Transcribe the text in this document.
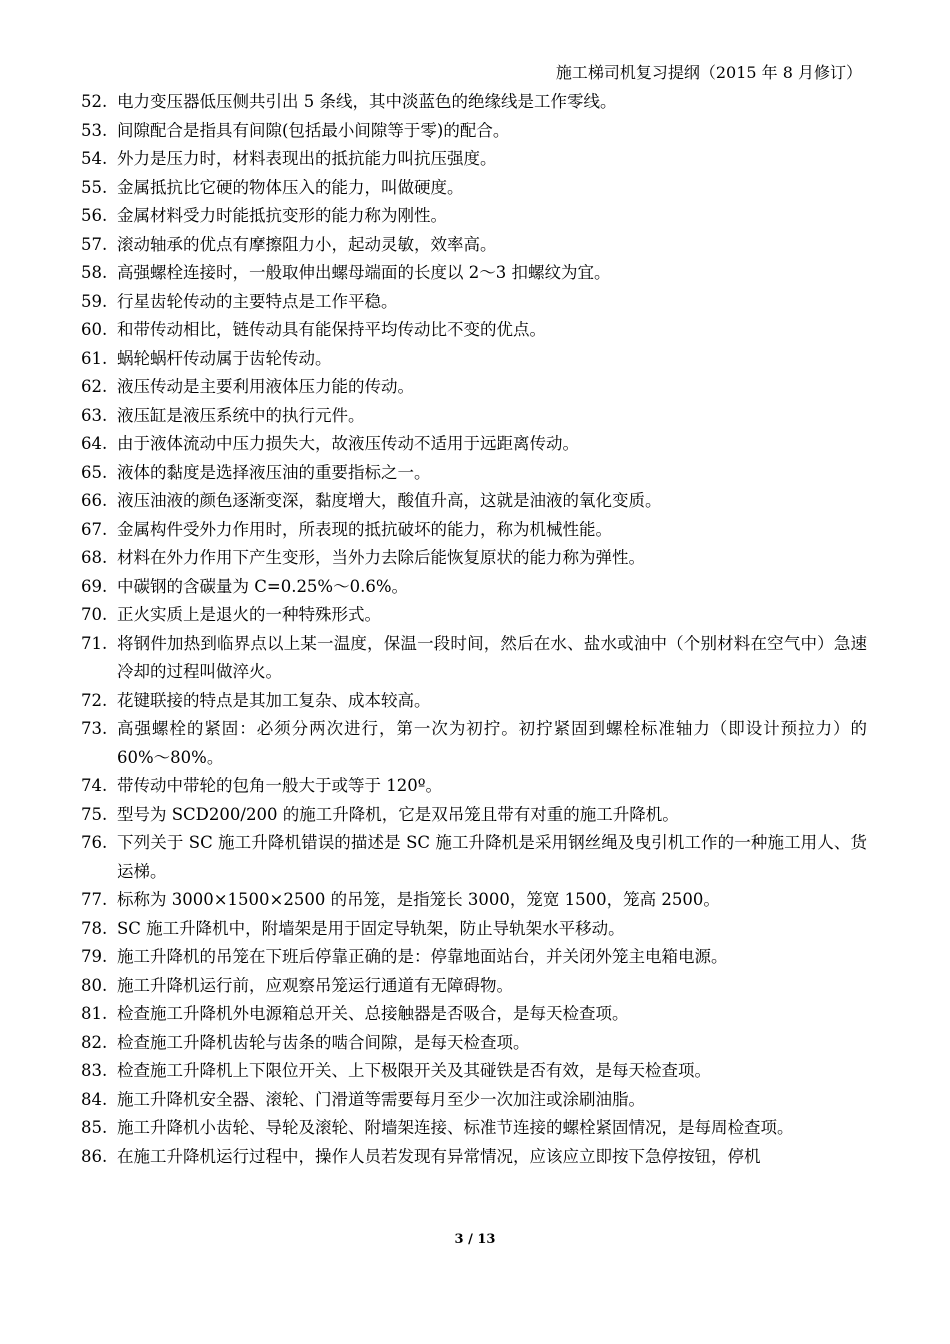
施工梯司机复习提纲（2015 年 8 月修订）
52. 电力变压器低压侧共引出 5 条线，其中淡蓝色的绝缘线是工作零线。
53. 间隙配合是指具有间隙(包括最小间隙等于零)的配合。
54. 外力是压力时，材料表现出的抵抗能力叫抗压强度。
55. 金属抵抗比它硬的物体压入的能力，叫做硬度。
56. 金属材料受力时能抵抗变形的能力称为刚性。
57. 滚动轴承的优点有摩擦阻力小，起动灵敏，效率高。
58. 高强螺栓连接时，一般取伸出螺母端面的长度以 2～3 扣螺纹为宜。
59. 行星齿轮传动的主要特点是工作平稳。
60. 和带传动相比，链传动具有能保持平均传动比不变的优点。
61. 蜗轮蜗杆传动属于齿轮传动。
62. 液压传动是主要利用液体压力能的传动。
63. 液压缸是液压系统中的执行元件。
64. 由于液体流动中压力损失大，故液压传动不适用于远距离传动。
65. 液体的黏度是选择液压油的重要指标之一。
66. 液压油液的颜色逐渐变深，黏度增大，酸值升高，这就是油液的氧化变质。
67. 金属构件受外力作用时，所表现的抵抗破坏的能力，称为机械性能。
68. 材料在外力作用下产生变形，当外力去除后能恢复原状的能力称为弹性。
69. 中碳钢的含碳量为 C=0.25%～0.6%。
70. 正火实质上是退火的一种特殊形式。
71. 将钢件加热到临界点以上某一温度，保温一段时间，然后在水、盐水或油中（个别材料在空气中）急速冷却的过程叫做淬火。
72. 花键联接的特点是其加工复杂、成本较高。
73. 高强螺栓的紧固：必须分两次进行，第一次为初拧。初拧紧固到螺栓标准轴力（即设计预拉力）的 60%～80%。
74. 带传动中带轮的包角一般大于或等于 120º。
75. 型号为 SCD200/200 的施工升降机，它是双吊笼且带有对重的施工升降机。
76. 下列关于 SC 施工升降机错误的描述是 SC 施工升降机是采用钢丝绳及曳引机工作的一种施工用人、货运梯。
77. 标称为 3000×1500×2500 的吊笼，是指笼长 3000，笼宽 1500，笼高 2500。
78. SC 施工升降机中，附墙架是用于固定导轨架，防止导轨架水平移动。
79. 施工升降机的吊笼在下班后停靠正确的是：停靠地面站台，并关闭外笼主电箱电源。
80. 施工升降机运行前，应观察吊笼运行通道有无障碍物。
81. 检查施工升降机外电源箱总开关、总接触器是否吸合，是每天检查项。
82. 检查施工升降机齿轮与齿条的啮合间隙，是每天检查项。
83. 检查施工升降机上下限位开关、上下极限开关及其碰铁是否有效，是每天检查项。
84. 施工升降机安全器、滚轮、门滑道等需要每月至少一次加注或涂刷油脂。
85. 施工升降机小齿轮、导轮及滚轮、附墙架连接、标准节连接的螺栓紧固情况，是每周检查项。
86. 在施工升降机运行过程中，操作人员若发现有异常情况，应该应立即按下急停按钮，停机
3 / 13
